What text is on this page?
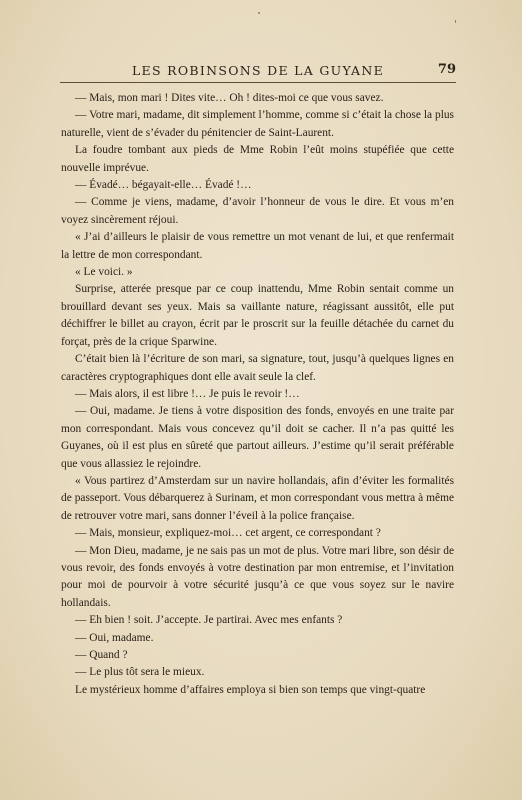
LES ROBINSONS DE LA GUYANE	79

— Mais, mon mari ! Dites vite… Oh ! dites-moi ce que vous savez.

— Votre mari, madame, dit simplement l’homme, comme si c’était la chose la plus naturelle, vient de s’évader du pénitencier de Saint-Laurent.

La foudre tombant aux pieds de Mme Robin l’eût moins stupéfiée que cette nouvelle imprévue.

— Évadé… bégayait-elle… Évadé !…

— Comme je viens, madame, d’avoir l’honneur de vous le dire. Et vous m’en voyez sincèrement réjoui.

« J’ai d’ailleurs le plaisir de vous remettre un mot venant de lui, et que renfermait la lettre de mon correspondant.

« Le voici. »

Surprise, atterée presque par ce coup inattendu, Mme Robin sentait comme un brouillard devant ses yeux. Mais sa vaillante nature, réagissant aussitôt, elle put déchiffrer le billet au crayon, écrit par le proscrit sur la feuille détachée du carnet du forçat, près de la crique Sparwine.

C’était bien là l’écriture de son mari, sa signature, tout, jusqu’à quelques lignes en caractères cryptographiques dont elle avait seule la clef.

— Mais alors, il est libre !… Je puis le revoir !…

— Oui, madame. Je tiens à votre disposition des fonds, envoyés en une traite par mon correspondant. Mais vous concevez qu’il doit se cacher. Il n’a pas quitté les Guyanes, où il est plus en sûreté que partout ailleurs. J’estime qu’il serait préférable que vous allassiez le rejoindre.

« Vous partirez d’Amsterdam sur un navire hollandais, afin d’éviter les formalités de passeport. Vous débarquerez à Surinam, et mon correspondant vous mettra à même de retrouver votre mari, sans donner l’éveil à la police française.

— Mais, monsieur, expliquez-moi… cet argent, ce correspondant ?

— Mon Dieu, madame, je ne sais pas un mot de plus. Votre mari libre, son désir de vous revoir, des fonds envoyés à votre destination par mon entremise, et l’invitation pour moi de pourvoir à votre sécurité jusqu’à ce que vous soyez sur le navire hollandais.

— Eh bien ! soit. J’accepte. Je partirai. Avec mes enfants ?

— Oui, madame.

— Quand ?

— Le plus tôt sera le mieux.

Le mystérieux homme d’affaires employa si bien son temps que vingt-quatre
